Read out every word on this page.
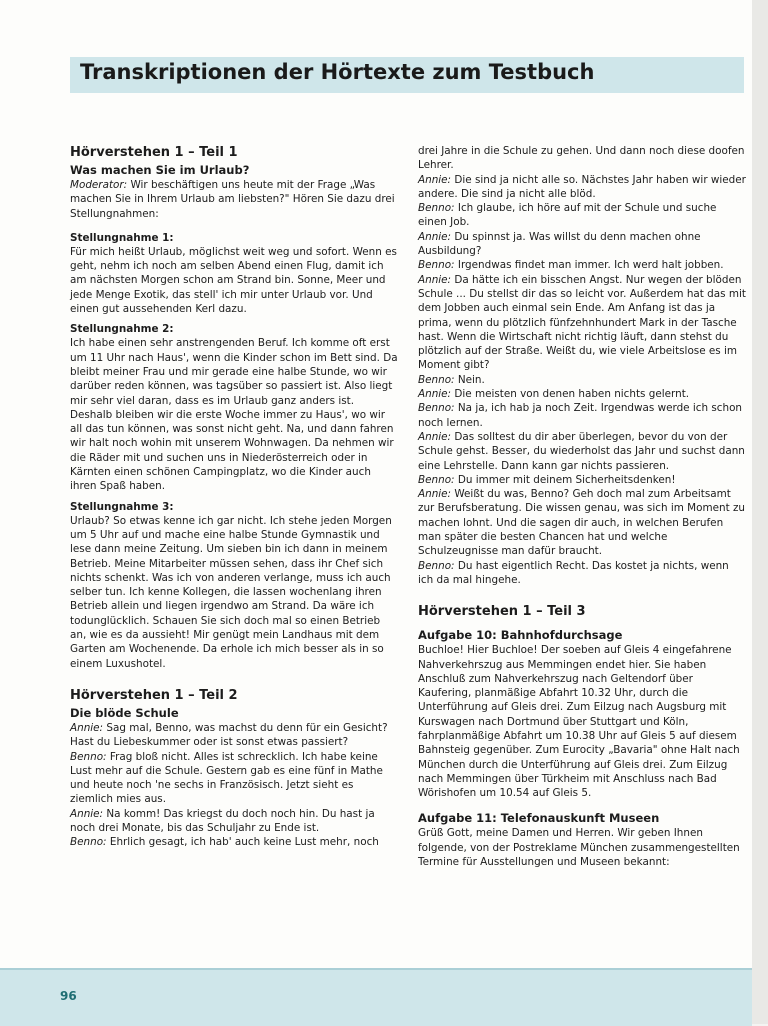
Transkriptionen der Hörtexte zum Testbuch
Hörverstehen 1 – Teil 1
Was machen Sie im Urlaub?

Moderator: Wir beschäftigen uns heute mit der Frage „Was machen Sie in Ihrem Urlaub am liebsten?" Hören Sie dazu drei Stellungnahmen:

Stellungnahme 1:

Für mich heißt Urlaub, möglichst weit weg und sofort. Wenn es geht, nehm ich noch am selben Abend einen Flug, damit ich am nächsten Morgen schon am Strand bin. Sonne, Meer und jede Menge Exotik, das stell' ich mir unter Urlaub vor. Und einen gut aussehenden Kerl dazu.

Stellungnahme 2:

Ich habe einen sehr anstrengenden Beruf. Ich komme oft erst um 11 Uhr nach Haus', wenn die Kinder schon im Bett sind. Da bleibt meiner Frau und mir gerade eine halbe Stunde, wo wir darüber reden können, was tagsüber so passiert ist. Also liegt mir sehr viel daran, dass es im Urlaub ganz anders ist. Deshalb bleiben wir die erste Woche immer zu Haus', wo wir all das tun können, was sonst nicht geht. Na, und dann fahren wir halt noch wohin mit unserem Wohnwagen. Da nehmen wir die Räder mit und suchen uns in Niederösterreich oder in Kärnten einen schönen Campingplatz, wo die Kinder auch ihren Spaß haben.

Stellungnahme 3:

Urlaub? So etwas kenne ich gar nicht. Ich stehe jeden Morgen um 5 Uhr auf und mache eine halbe Stunde Gymnastik und lese dann meine Zeitung. Um sieben bin ich dann in meinem Betrieb. Meine Mitarbeiter müssen sehen, dass ihr Chef sich nichts schenkt. Was ich von anderen verlange, muss ich auch selber tun. Ich kenne Kollegen, die lassen wochenlang ihren Betrieb allein und liegen irgendwo am Strand. Da wäre ich todunglücklich. Schauen Sie sich doch mal so einen Betrieb an, wie es da aussieht! Mir genügt mein Landhaus mit dem Garten am Wochenende. Da erhole ich mich besser als in so einem Luxushotel.

Hörverstehen 1 – Teil 2
Die blöde Schule

Annie: Sag mal, Benno, was machst du denn für ein Gesicht? Hast du Liebeskummer oder ist sonst etwas passiert?

Benno: Frag bloß nicht. Alles ist schrecklich. Ich habe keine Lust mehr auf die Schule. Gestern gab es eine fünf in Mathe und heute noch 'ne sechs in Französisch. Jetzt sieht es ziemlich mies aus.

Annie: Na komm! Das kriegst du doch noch hin. Du hast ja noch drei Monate, bis das Schuljahr zu Ende ist.

Benno: Ehrlich gesagt, ich hab' auch keine Lust mehr, noch

drei Jahre in die Schule zu gehen. Und dann noch diese doofen Lehrer.

Annie: Die sind ja nicht alle so. Nächstes Jahr haben wir wieder andere. Die sind ja nicht alle blöd.

Benno: Ich glaube, ich höre auf mit der Schule und suche einen Job.

Annie: Du spinnst ja. Was willst du denn machen ohne Ausbildung?

Benno: Irgendwas findet man immer. Ich werd halt jobben.

Annie: Da hätte ich ein bisschen Angst. Nur wegen der blöden Schule ... Du stellst dir das so leicht vor. Außerdem hat das mit dem Jobben auch einmal sein Ende. Am Anfang ist das ja prima, wenn du plötzlich fünfzehnhundert Mark in der Tasche hast. Wenn die Wirtschaft nicht richtig läuft, dann stehst du plötzlich auf der Straße. Weißt du, wie viele Arbeitslose es im Moment gibt?

Benno: Nein.

Annie: Die meisten von denen haben nichts gelernt.

Benno: Na ja, ich hab ja noch Zeit. Irgendwas werde ich schon noch lernen.

Annie: Das solltest du dir aber überlegen, bevor du von der Schule gehst. Besser, du wiederholst das Jahr und suchst dann eine Lehrstelle. Dann kann gar nichts passieren.

Benno: Du immer mit deinem Sicherheitsdenken!

Annie: Weißt du was, Benno? Geh doch mal zum Arbeitsamt zur Berufsberatung. Die wissen genau, was sich im Moment zu machen lohnt. Und die sagen dir auch, in welchen Berufen man später die besten Chancen hat und welche Schulzeugnisse man dafür braucht.

Benno: Du hast eigentlich Recht. Das kostet ja nichts, wenn ich da mal hingehe.

Hörverstehen 1 – Teil 3
Aufgabe 10: Bahnhofdurchsage

Buchloe! Hier Buchloe! Der soeben auf Gleis 4 eingefahrene Nahverkehrszug aus Memmingen endet hier. Sie haben Anschluß zum Nahverkehrszug nach Geltendorf über Kaufering, planmäßige Abfahrt 10.32 Uhr, durch die Unterführung auf Gleis drei. Zum Eilzug nach Augsburg mit Kurswagen nach Dortmund über Stuttgart und Köln, fahrplanmäßige Abfahrt um 10.38 Uhr auf Gleis 5 auf diesem Bahnsteig gegenüber. Zum Eurocity „Bavaria" ohne Halt nach München durch die Unterführung auf Gleis drei. Zum Eilzug nach Memmingen über Türkheim mit Anschluss nach Bad Wörishofen um 10.54 auf Gleis 5.

Aufgabe 11: Telefonauskunft Museen

Grüß Gott, meine Damen und Herren. Wir geben Ihnen folgende, von der Postreklame München zusammengestellten Termine für Ausstellungen und Museen bekannt:

96
